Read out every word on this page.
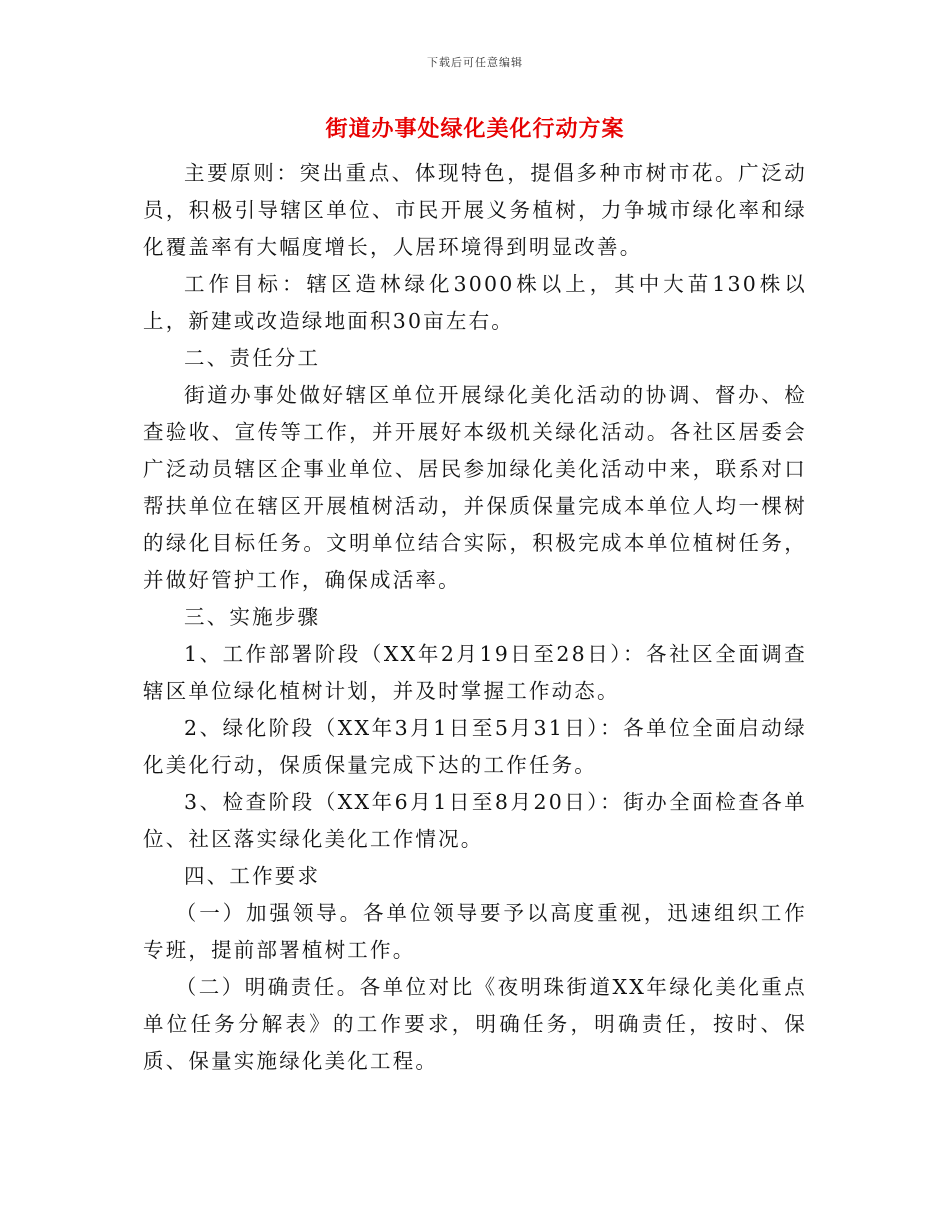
下载后可任意编辑
街道办事处绿化美化行动方案

主要原则：突出重点、体现特色，提倡多种市树市花。广泛动员，积极引导辖区单位、市民开展义务植树，力争城市绿化率和绿化覆盖率有大幅度增长，人居环境得到明显改善。

工作目标：辖区造林绿化3000株以上，其中大苗130株以上，新建或改造绿地面积30亩左右。

二、责任分工

街道办事处做好辖区单位开展绿化美化活动的协调、督办、检查验收、宣传等工作，并开展好本级机关绿化活动。各社区居委会广泛动员辖区企事业单位、居民参加绿化美化活动中来，联系对口帮扶单位在辖区开展植树活动，并保质保量完成本单位人均一棵树的绿化目标任务。文明单位结合实际，积极完成本单位植树任务，并做好管护工作，确保成活率。

三、实施步骤

1、工作部署阶段（XX年2月19日至28日）：各社区全面调查辖区单位绿化植树计划，并及时掌握工作动态。

2、绿化阶段（XX年3月1日至5月31日）：各单位全面启动绿化美化行动，保质保量完成下达的工作任务。

3、检查阶段（XX年6月1日至8月20日）：街办全面检查各单位、社区落实绿化美化工作情况。

四、工作要求

（一）加强领导。各单位领导要予以高度重视，迅速组织工作专班，提前部署植树工作。

（二）明确责任。各单位对比《夜明珠街道XX年绿化美化重点单位任务分解表》的工作要求，明确任务，明确责任，按时、保质、保量实施绿化美化工程。
